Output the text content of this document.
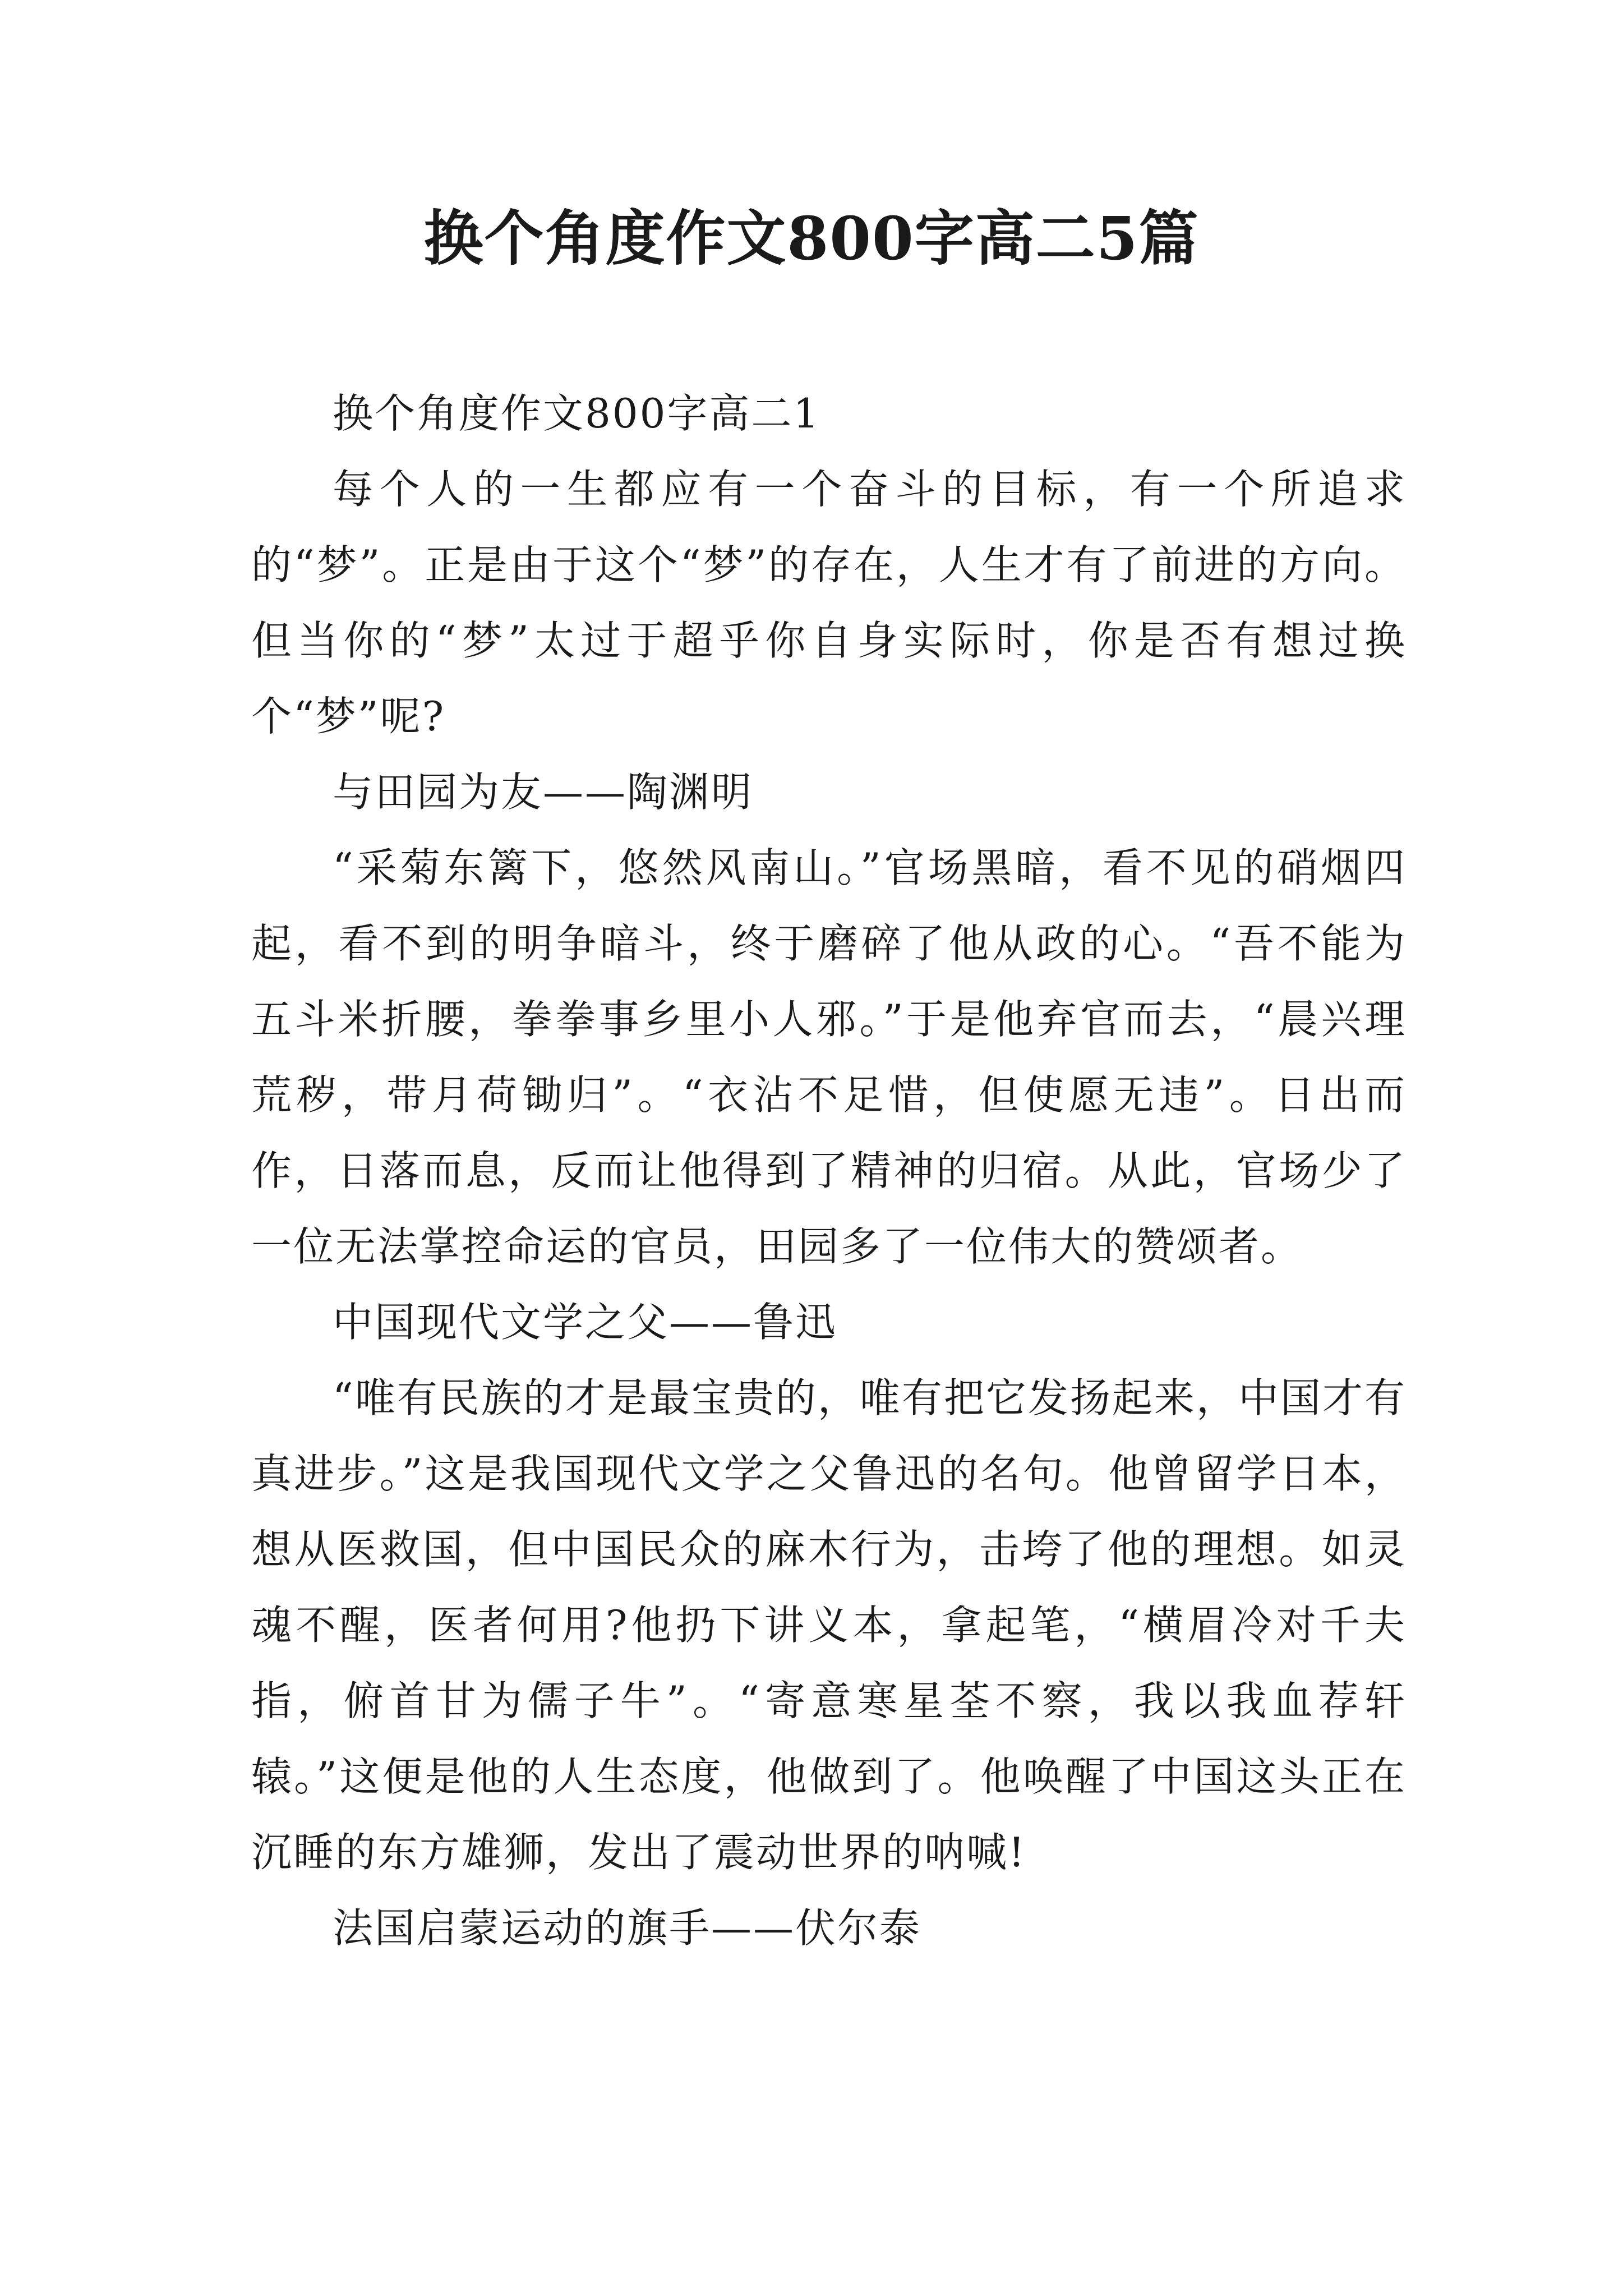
换个角度作文800字高二5篇

换个角度作文800字高二1

每个人的一生都应有一个奋斗的目标，有一个所追求的“梦”。正是由于这个“梦”的存在，人生才有了前进的方向。但当你的“梦”太过于超乎你自身实际时，你是否有想过换个“梦”呢?

与田园为友——陶渊明

“采菊东篱下，悠然风南山。”官场黑暗，看不见的硝烟四起，看不到的明争暗斗，终于磨碎了他从政的心。“吾不能为五斗米折腰，拳拳事乡里小人邪。”于是他弃官而去，“晨兴理荒秽，带月荷锄归”。“衣沾不足惜，但使愿无违”。日出而作，日落而息，反而让他得到了精神的归宿。从此，官场少了一位无法掌控命运的官员，田园多了一位伟大的赞颂者。

中国现代文学之父——鲁迅

“唯有民族的才是最宝贵的，唯有把它发扬起来，中国才有真进步。”这是我国现代文学之父鲁迅的名句。他曾留学日本，想从医救国，但中国民众的麻木行为，击垮了他的理想。如灵魂不醒，医者何用?他扔下讲义本，拿起笔，“横眉冷对千夫指，俯首甘为儒子牛”。“寄意寒星荃不察，我以我血荐轩辕。”这便是他的人生态度，他做到了。他唤醒了中国这头正在沉睡的东方雄狮，发出了震动世界的呐喊!

法国启蒙运动的旗手——伏尔泰
